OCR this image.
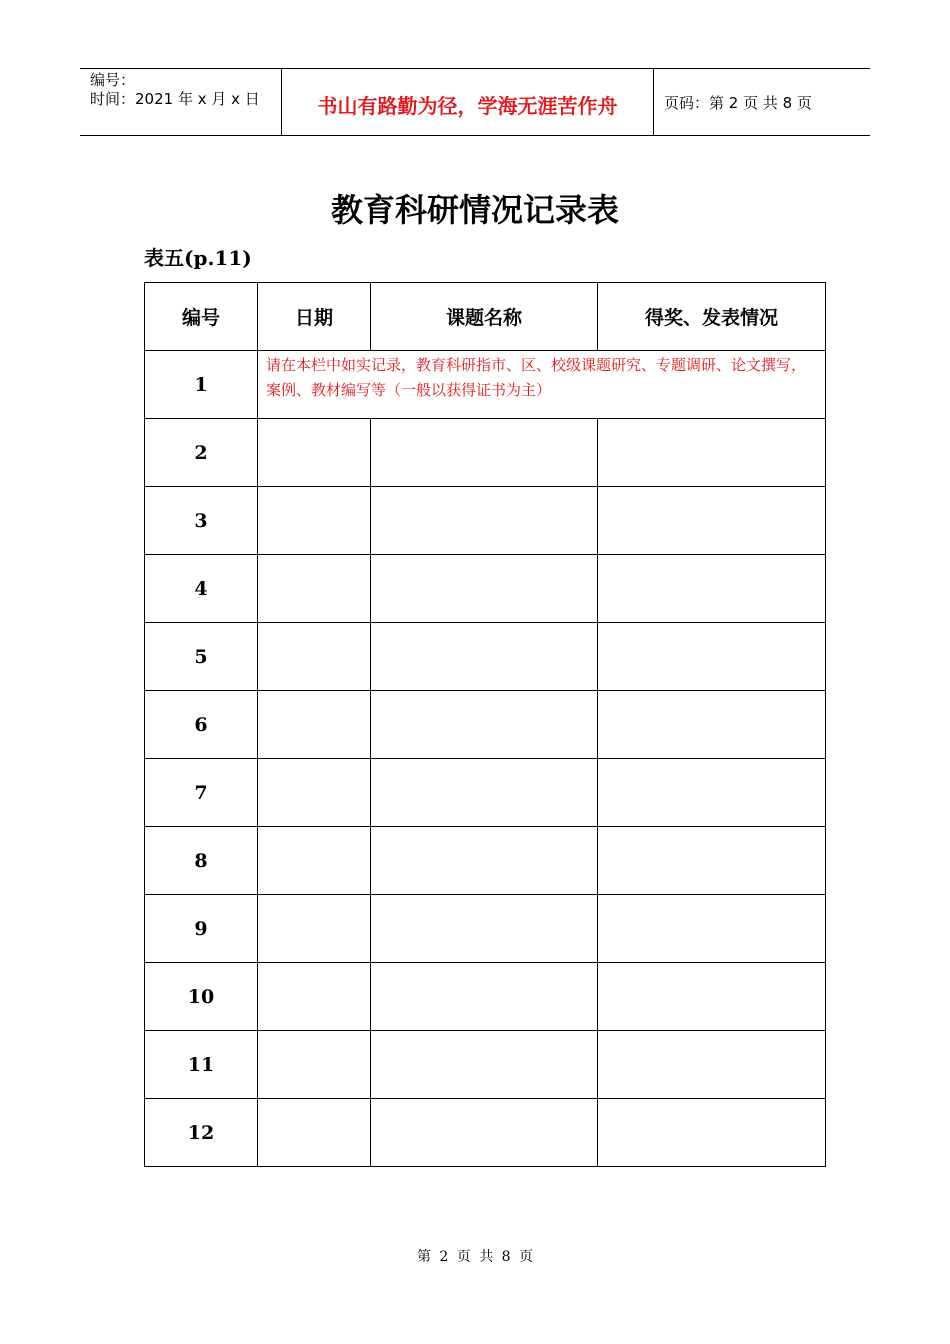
编号：
时间：2021 年 x 月 x 日	书山有路勤为径，学海无涯苦作舟	页码：第 2 页 共 8 页
教育科研情况记录表
表五(p.11)
编号	日期	课题名称	得奖、发表情况
1	请在本栏中如实记录，教育科研指市、区、校级课题研究、专题调研、论文撰写，案例、教材编写等（一般以获得证书为主）		
2			
3			
4			
5			
6			
7			
8			
9			
10			
11			
12			
第 2 页 共 8 页
